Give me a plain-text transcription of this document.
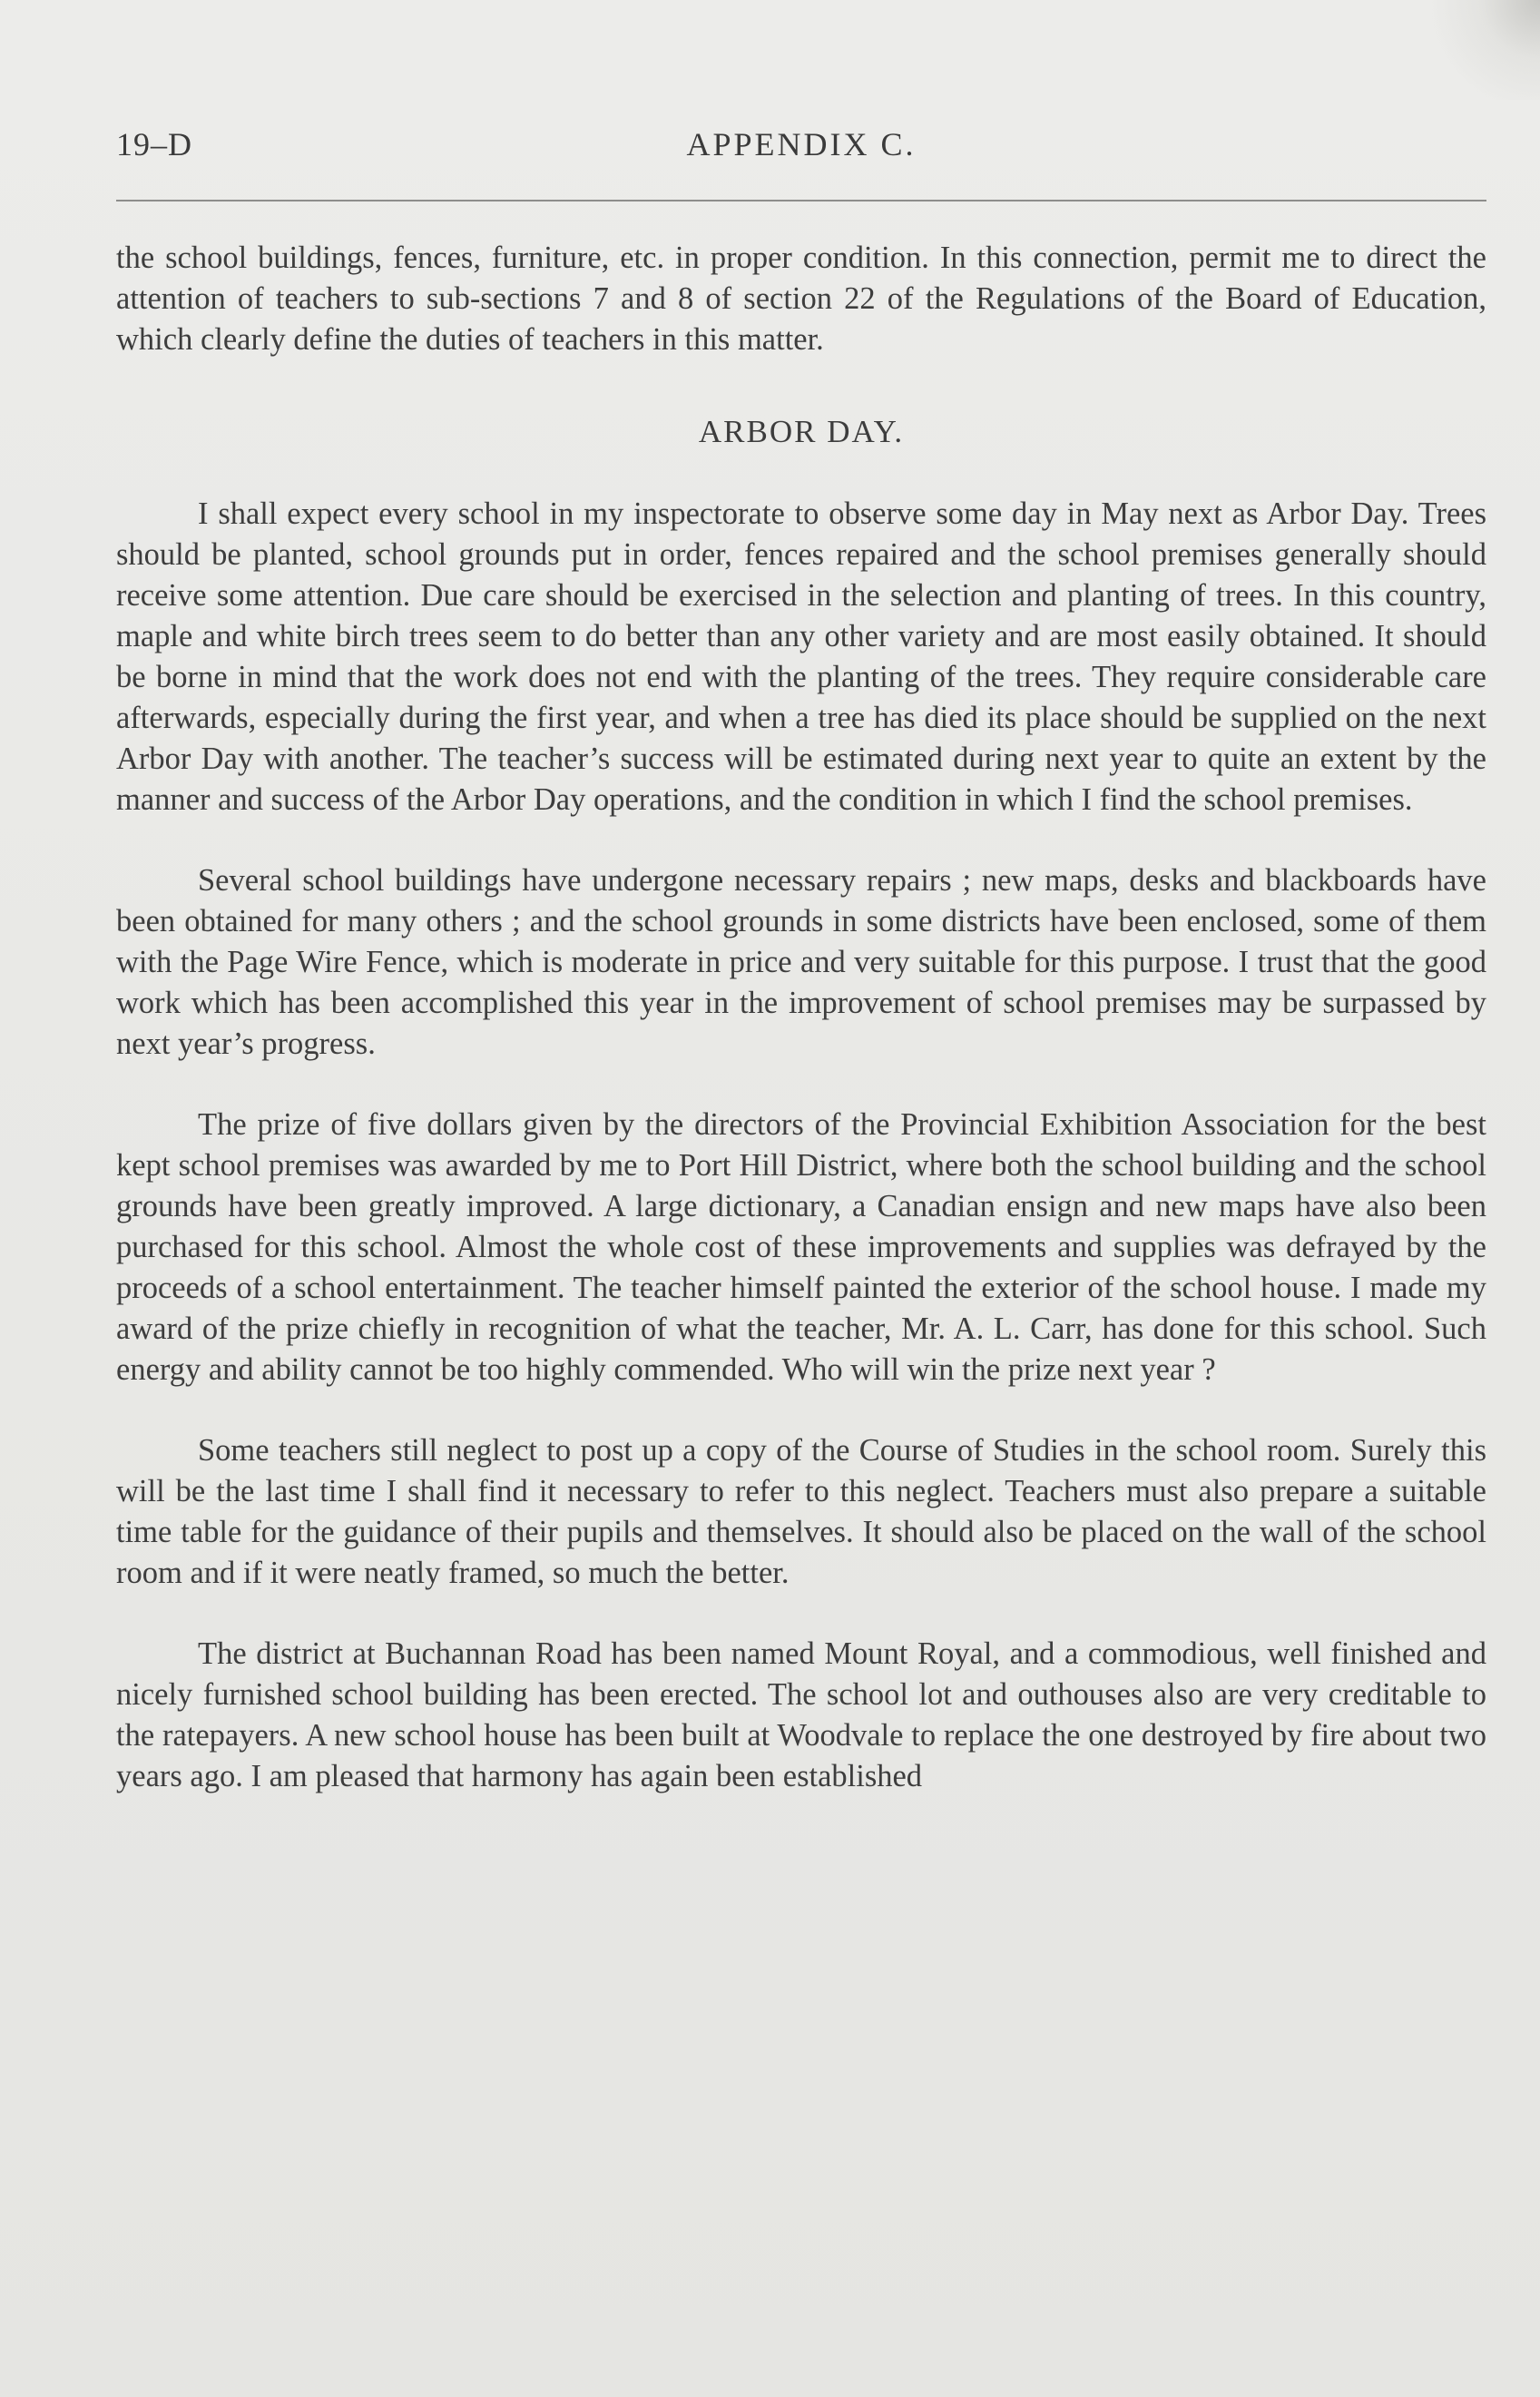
19–D	APPENDIX C.

the school buildings, fences, furniture, etc. in proper condition. In this connection, permit me to direct the attention of teachers to sub-sections 7 and 8 of section 22 of the Regulations of the Board of Education, which clearly define the duties of teachers in this matter.

ARBOR DAY.

I shall expect every school in my inspectorate to observe some day in May next as Arbor Day. Trees should be planted, school grounds put in order, fences repaired and the school premises generally should receive some attention. Due care should be exercised in the selection and planting of trees. In this country, maple and white birch trees seem to do better than any other variety and are most easily obtained. It should be borne in mind that the work does not end with the planting of the trees. They require considerable care afterwards, especially during the first year, and when a tree has died its place should be supplied on the next Arbor Day with another. The teacher’s success will be estimated during next year to quite an extent by the manner and success of the Arbor Day operations, and the condition in which I find the school premises.

Several school buildings have undergone necessary repairs ; new maps, desks and blackboards have been obtained for many others ; and the school grounds in some districts have been enclosed, some of them with the Page Wire Fence, which is moderate in price and very suitable for this purpose. I trust that the good work which has been accomplished this year in the improvement of school premises may be surpassed by next year’s progress.

The prize of five dollars given by the directors of the Provincial Exhibition Association for the best kept school premises was awarded by me to Port Hill District, where both the school building and the school grounds have been greatly improved. A large dictionary, a Canadian ensign and new maps have also been purchased for this school. Almost the whole cost of these improvements and supplies was defrayed by the proceeds of a school entertainment. The teacher himself painted the exterior of the school house. I made my award of the prize chiefly in recognition of what the teacher, Mr. A. L. Carr, has done for this school. Such energy and ability cannot be too highly commended. Who will win the prize next year ?

Some teachers still neglect to post up a copy of the Course of Studies in the school room. Surely this will be the last time I shall find it necessary to refer to this neglect. Teachers must also prepare a suitable time table for the guidance of their pupils and themselves. It should also be placed on the wall of the school room and if it were neatly framed, so much the better.

The district at Buchannan Road has been named Mount Royal, and a commodious, well finished and nicely furnished school building has been erected. The school lot and outhouses also are very creditable to the ratepayers. A new school house has been built at Woodvale to replace the one destroyed by fire about two years ago. I am pleased that harmony has again been established
